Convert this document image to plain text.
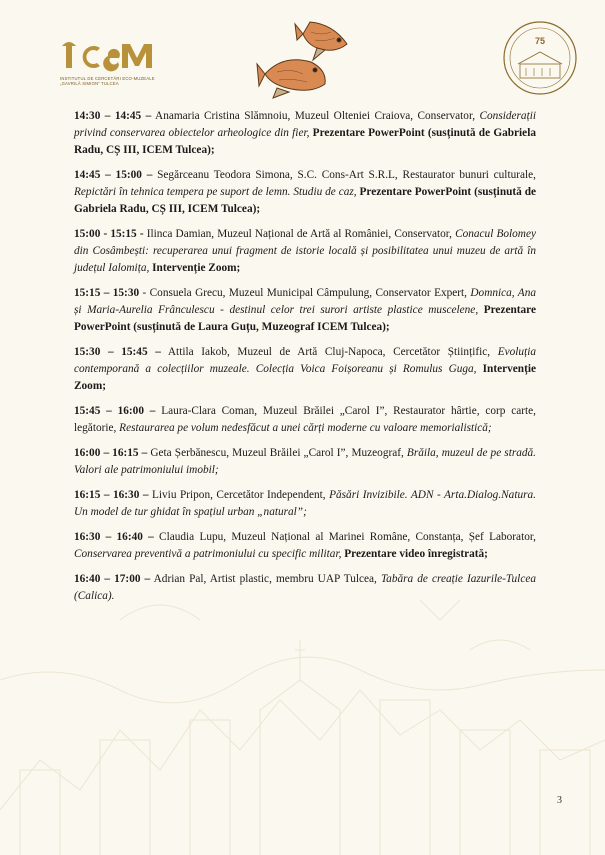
INSTITUTUL DE CERCETĂRI ECO-MUZEALE „GAVRILĂ SIMION” TULCEA
75

14:30 – 14:45 – Anamaria Cristina Slămnoiu, Muzeul Olteniei Craiova, Conservator, Considerații privind conservarea obiectelor arheologice din fier, Prezentare PowerPoint (susținută de Gabriela Radu, CȘ III, ICEM Tulcea);

14:45 – 15:00 – Segărceanu Teodora Simona, S.C. Cons-Art S.R.L, Restaurator bunuri culturale, Repictări în tehnica tempera pe suport de lemn. Studiu de caz, Prezentare PowerPoint (susținută de Gabriela Radu, CȘ III, ICEM Tulcea);

15:00 - 15:15 - Ilinca Damian, Muzeul Național de Artă al României, Conservator, Conacul Bolomey din Cosâmbești: recuperarea unui fragment de istorie locală și posibilitatea unui muzeu de artă în județul Ialomița, Intervenție Zoom;

15:15 – 15:30 - Consuela Grecu, Muzeul Municipal Câmpulung, Conservator Expert, Domnica, Ana și Maria-Aurelia Frânculescu - destinul celor trei surori artiste plastice muscelene, Prezentare PowerPoint (susținută de Laura Guțu, Muzeograf ICEM Tulcea);

15:30 – 15:45 – Attila Iakob, Muzeul de Artă Cluj-Napoca, Cercetător Științific, Evoluția contemporană a colecțiilor muzeale. Colecția Voica Foișoreanu și Romulus Guga, Intervenție Zoom;

15:45 – 16:00 – Laura-Clara Coman, Muzeul Brăilei „Carol I”, Restaurator hârtie, corp carte, legătorie, Restaurarea pe volum nedesfăcut a unei cărți moderne cu valoare memorialistică;

16:00 – 16:15 – Geta Șerbănescu, Muzeul Brăilei „Carol I”, Muzeograf, Brăila, muzeul de pe stradă. Valori ale patrimoniului imobil;

16:15 – 16:30 – Liviu Pripon, Cercetător Independent, Păsări Invizibile. ADN - Arta.Dialog.Natura. Un model de tur ghidat în spațiul urban „natural”;

16:30 – 16:40 – Claudia Lupu, Muzeul Național al Marinei Române, Constanța, Șef Laborator, Conservarea preventivă a patrimoniului cu specific militar, Prezentare video înregistrată;

16:40 – 17:00 – Adrian Pal, Artist plastic, membru UAP Tulcea, Tabăra de creație Iazurile-Tulcea (Calica).

3
